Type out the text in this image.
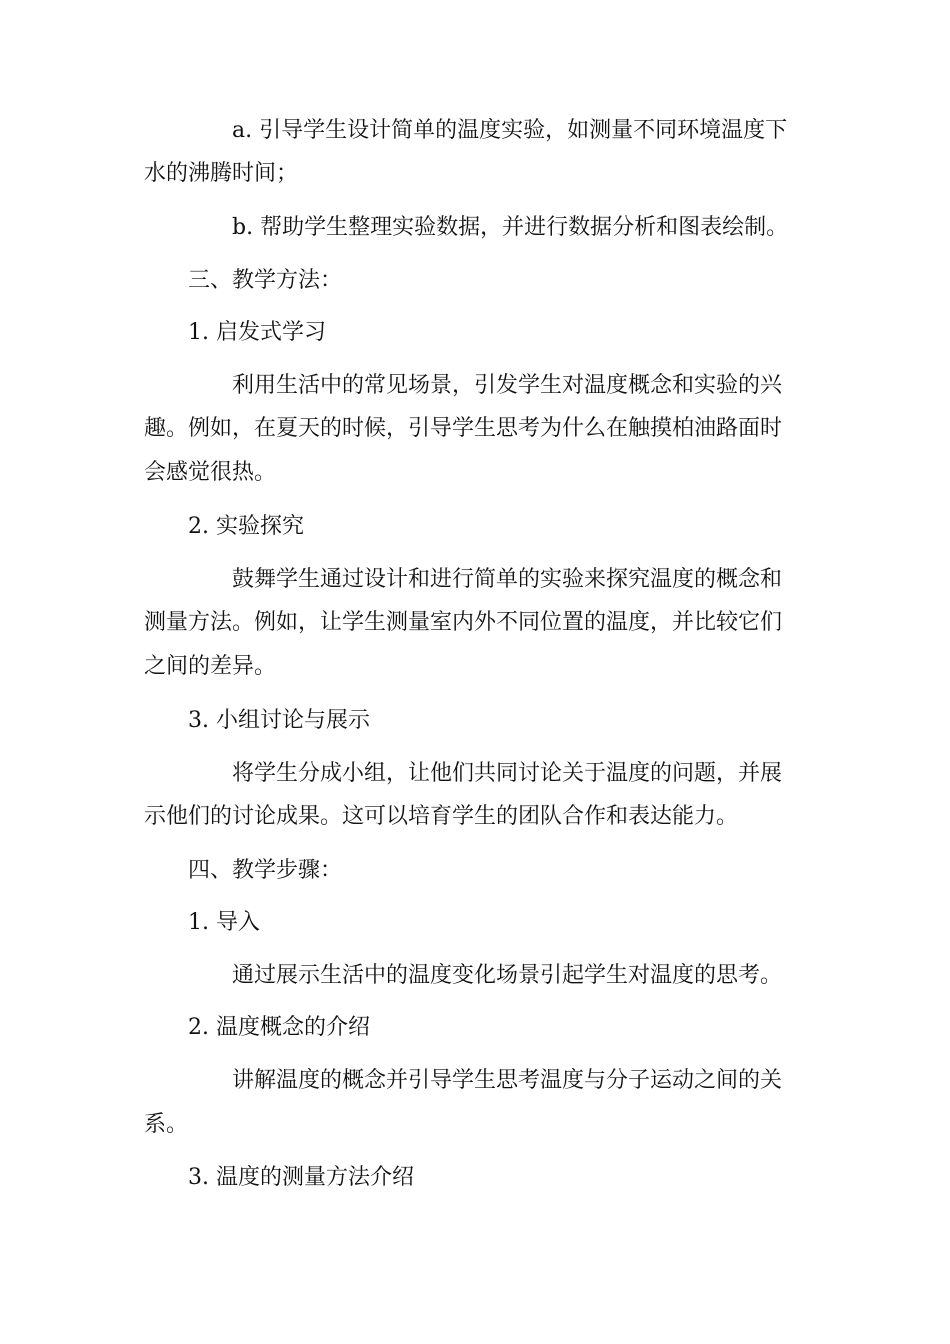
a. 引导学生设计简单的温度实验，如测量不同环境温度下
水的沸腾时间；
b. 帮助学生整理实验数据，并进行数据分析和图表绘制。
三、教学方法：
1. 启发式学习
利用生活中的常见场景，引发学生对温度概念和实验的兴
趣。例如，在夏天的时候，引导学生思考为什么在触摸柏油路面时
会感觉很热。
2. 实验探究
鼓舞学生通过设计和进行简单的实验来探究温度的概念和
测量方法。例如，让学生测量室内外不同位置的温度，并比较它们
之间的差异。
3. 小组讨论与展示
将学生分成小组，让他们共同讨论关于温度的问题，并展
示他们的讨论成果。这可以培育学生的团队合作和表达能力。
四、教学步骤：
1. 导入
通过展示生活中的温度变化场景引起学生对温度的思考。
2. 温度概念的介绍
讲解温度的概念并引导学生思考温度与分子运动之间的关
系。
3. 温度的测量方法介绍
